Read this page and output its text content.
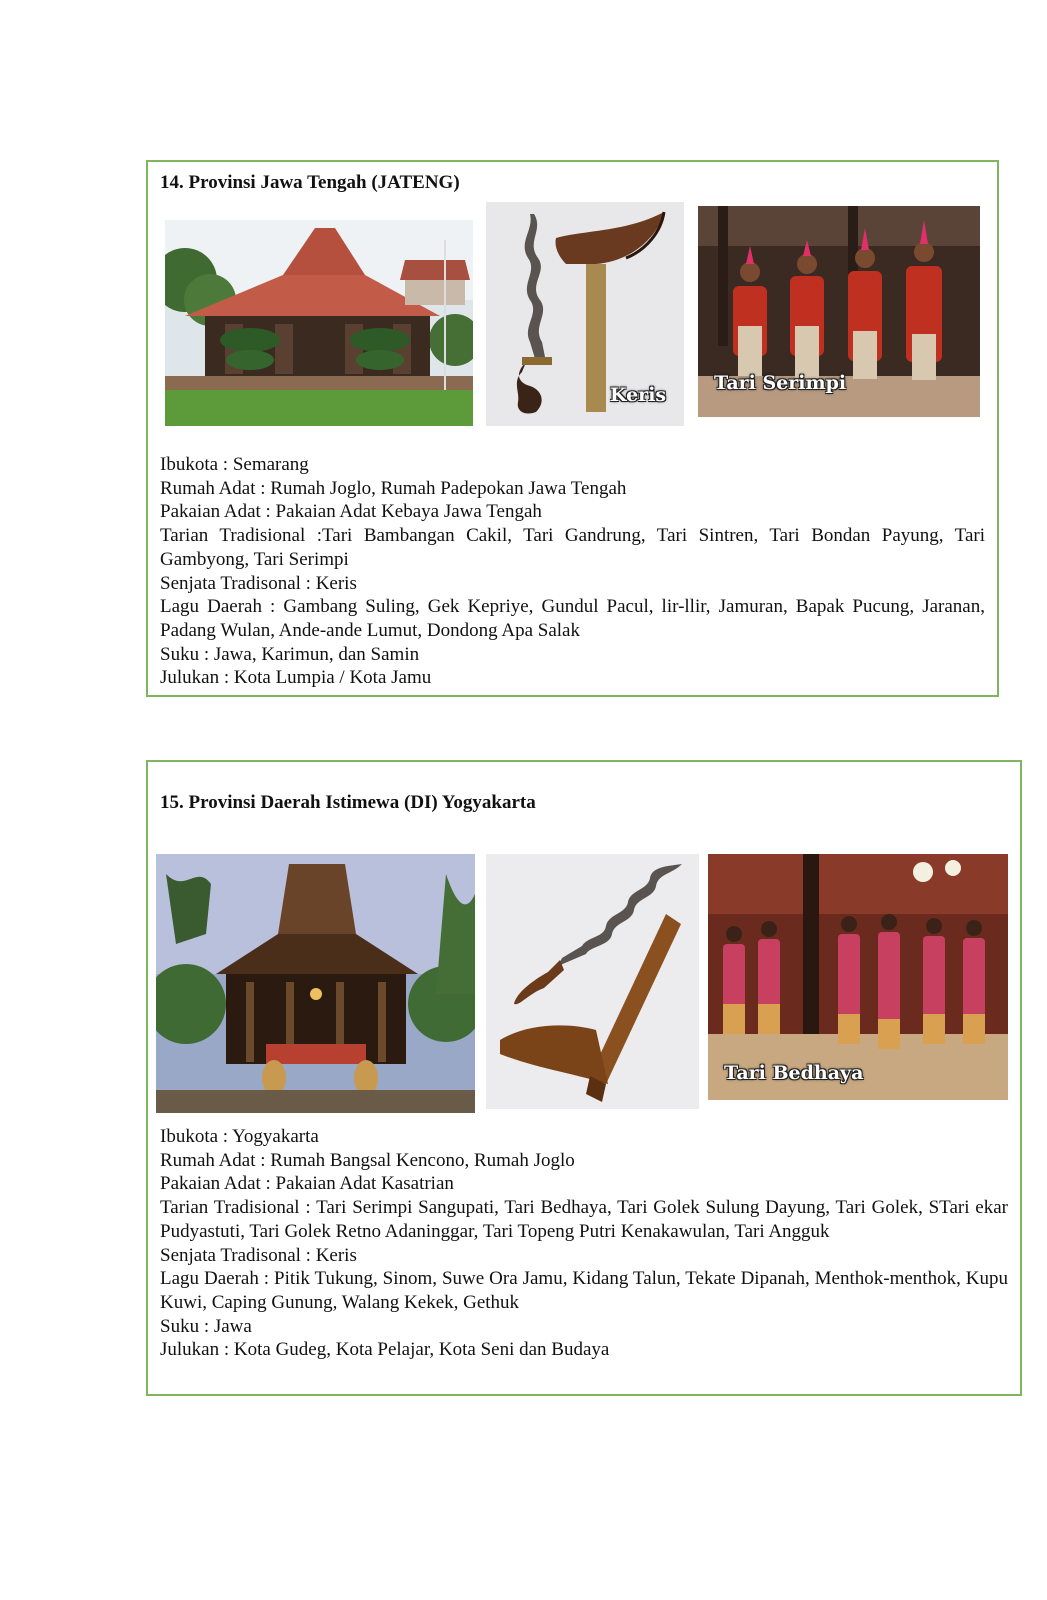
14. Provinsi Jawa Tengah (JATENG)
Keris
Tari Serimpi
Ibukota : Semarang
Rumah Adat : Rumah Joglo, Rumah Padepokan Jawa Tengah
Pakaian Adat : Pakaian Adat Kebaya Jawa Tengah
Tarian Tradisional :Tari Bambangan Cakil, Tari Gandrung, Tari Sintren, Tari Bondan Payung, Tari Gambyong, Tari Serimpi
Senjata Tradisonal : Keris
Lagu Daerah : Gambang Suling, Gek Kepriye, Gundul Pacul, lir-llir, Jamuran, Bapak Pucung, Jaranan, Padang Wulan, Ande-ande Lumut, Dondong Apa Salak
Suku : Jawa, Karimun, dan Samin
Julukan : Kota Lumpia / Kota Jamu
15. Provinsi Daerah Istimewa (DI) Yogyakarta
Tari Bedhaya
Ibukota : Yogyakarta
Rumah Adat : Rumah Bangsal Kencono, Rumah Joglo
Pakaian Adat : Pakaian Adat Kasatrian
Tarian Tradisional : Tari Serimpi Sangupati, Tari Bedhaya, Tari Golek Sulung Dayung, Tari Golek, STari ekar Pudyastuti, Tari Golek Retno Adaninggar, Tari Topeng Putri Kenakawulan, Tari Angguk
Senjata Tradisonal : Keris
Lagu Daerah : Pitik Tukung, Sinom, Suwe Ora Jamu, Kidang Talun, Tekate Dipanah, Menthok-menthok, Kupu Kuwi, Caping Gunung, Walang Kekek, Gethuk
Suku : Jawa
Julukan : Kota Gudeg, Kota Pelajar, Kota Seni dan Budaya
